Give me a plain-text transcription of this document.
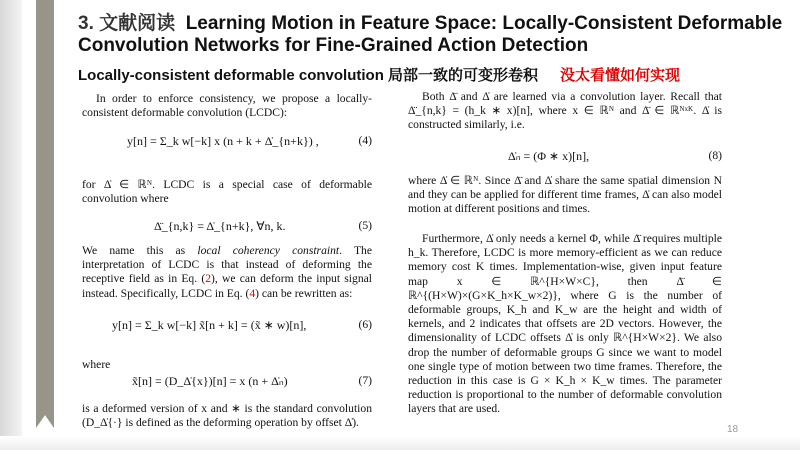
3. 文献阅读 Learning Motion in Feature Space: Locally-Consistent Deformable
Convolution Networks for Fine-Grained Action Detection
Locally-consistent deformable convolution 局部一致的可变形卷积 没太看懂如何实现

In order to enforce consistency, we propose a locally-consistent deformable convolution (LCDC):

y[n] = Σ_k w[−k] x (n + k + Δ̇_{n+k}) ,	(4)

for Δ̇ ∈ ℝᴺ. LCDC is a special case of deformable convolution where

Δ̈_{n,k} = Δ̇_{n+k}, ∀n, k.	(5)

We name this as local coherency constraint. The interpretation of LCDC is that instead of deforming the receptive field as in Eq. (2), we can deform the input signal instead. Specifically, LCDC in Eq. (4) can be rewritten as:

y[n] = Σ_k w[−k] x̃[n + k] = (x̃ ∗ w)[n],	(6)

where

x̃[n] = (D_Δ̇{x})[n] = x (n + Δ̇ₙ)	(7)

is a deformed version of x and ∗ is the standard convolution (D_Δ̇{·} is defined as the deforming operation by offset Δ̇).

Both Δ̈ and Δ̇ are learned via a convolution layer. Recall that Δ̈_{n,k} = (h_k ∗ x)[n], where x ∈ ℝᴺ and Δ̈ ∈ ℝᴺˣᴷ. Δ̇ is constructed similarly, i.e.

Δ̇ₙ = (Φ ∗ x)[n],	(8)

where Δ̇ ∈ ℝᴺ. Since Δ̈ and Δ̇ share the same spatial dimension N and they can be applied for different time frames, Δ̇ can also model motion at different positions and times.

Furthermore, Δ̇ only needs a kernel Φ, while Δ̈ requires multiple h_k. Therefore, LCDC is more memory-efficient as we can reduce memory cost K times. Implementation-wise, given input feature map x ∈ ℝ^{H×W×C}, then Δ̈ ∈ ℝ^{(H×W)×(G×K_h×K_w×2)}, where G is the number of deformable groups, K_h and K_w are the height and width of kernels, and 2 indicates that offsets are 2D vectors. However, the dimensionality of LCDC offsets Δ̇ is only ℝ^{H×W×2}. We also drop the number of deformable groups G since we want to model one single type of motion between two time frames. Therefore, the reduction in this case is G × K_h × K_w times. The parameter reduction is proportional to the number of deformable convolution layers that are used.

18
